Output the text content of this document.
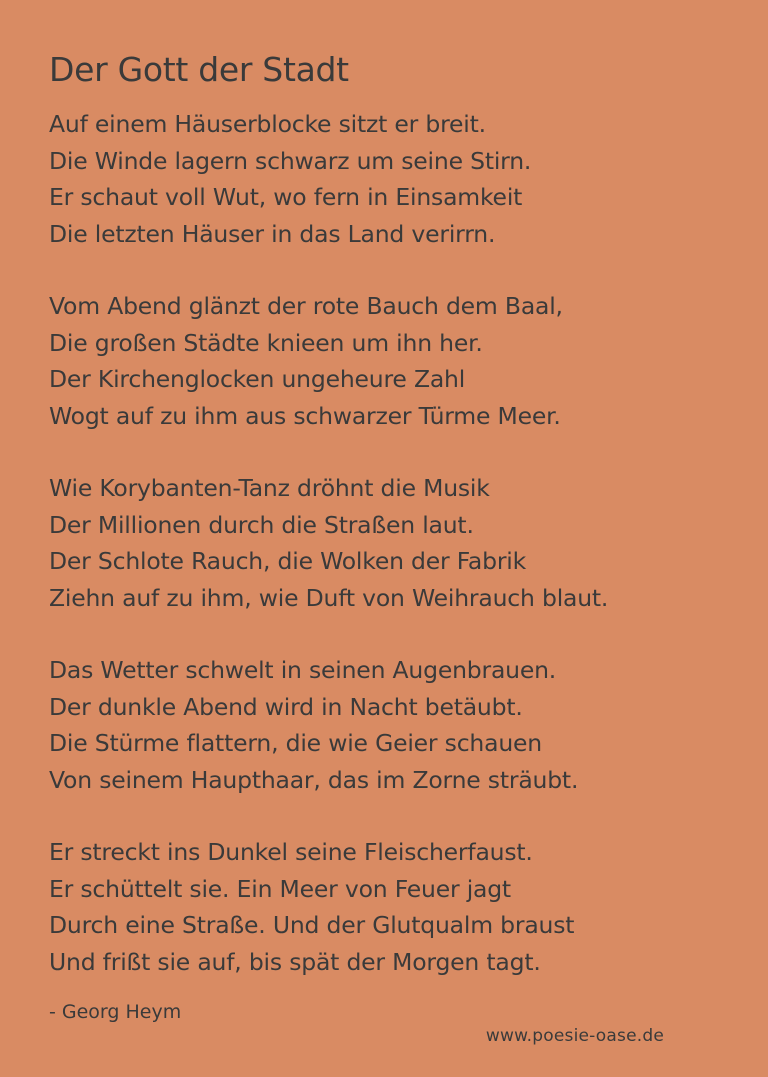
Der Gott der Stadt
Auf einem Häuserblocke sitzt er breit.
Die Winde lagern schwarz um seine Stirn.
Er schaut voll Wut, wo fern in Einsamkeit
Die letzten Häuser in das Land verirrn.
Vom Abend glänzt der rote Bauch dem Baal,
Die großen Städte knieen um ihn her.
Der Kirchenglocken ungeheure Zahl
Wogt auf zu ihm aus schwarzer Türme Meer.
Wie Korybanten-Tanz dröhnt die Musik
Der Millionen durch die Straßen laut.
Der Schlote Rauch, die Wolken der Fabrik
Ziehn auf zu ihm, wie Duft von Weihrauch blaut.
Das Wetter schwelt in seinen Augenbrauen.
Der dunkle Abend wird in Nacht betäubt.
Die Stürme flattern, die wie Geier schauen
Von seinem Haupthaar, das im Zorne sträubt.
Er streckt ins Dunkel seine Fleischerfaust.
Er schüttelt sie. Ein Meer von Feuer jagt
Durch eine Straße. Und der Glutqualm braust
Und frißt sie auf, bis spät der Morgen tagt.
- Georg Heym
www.poesie-oase.de
